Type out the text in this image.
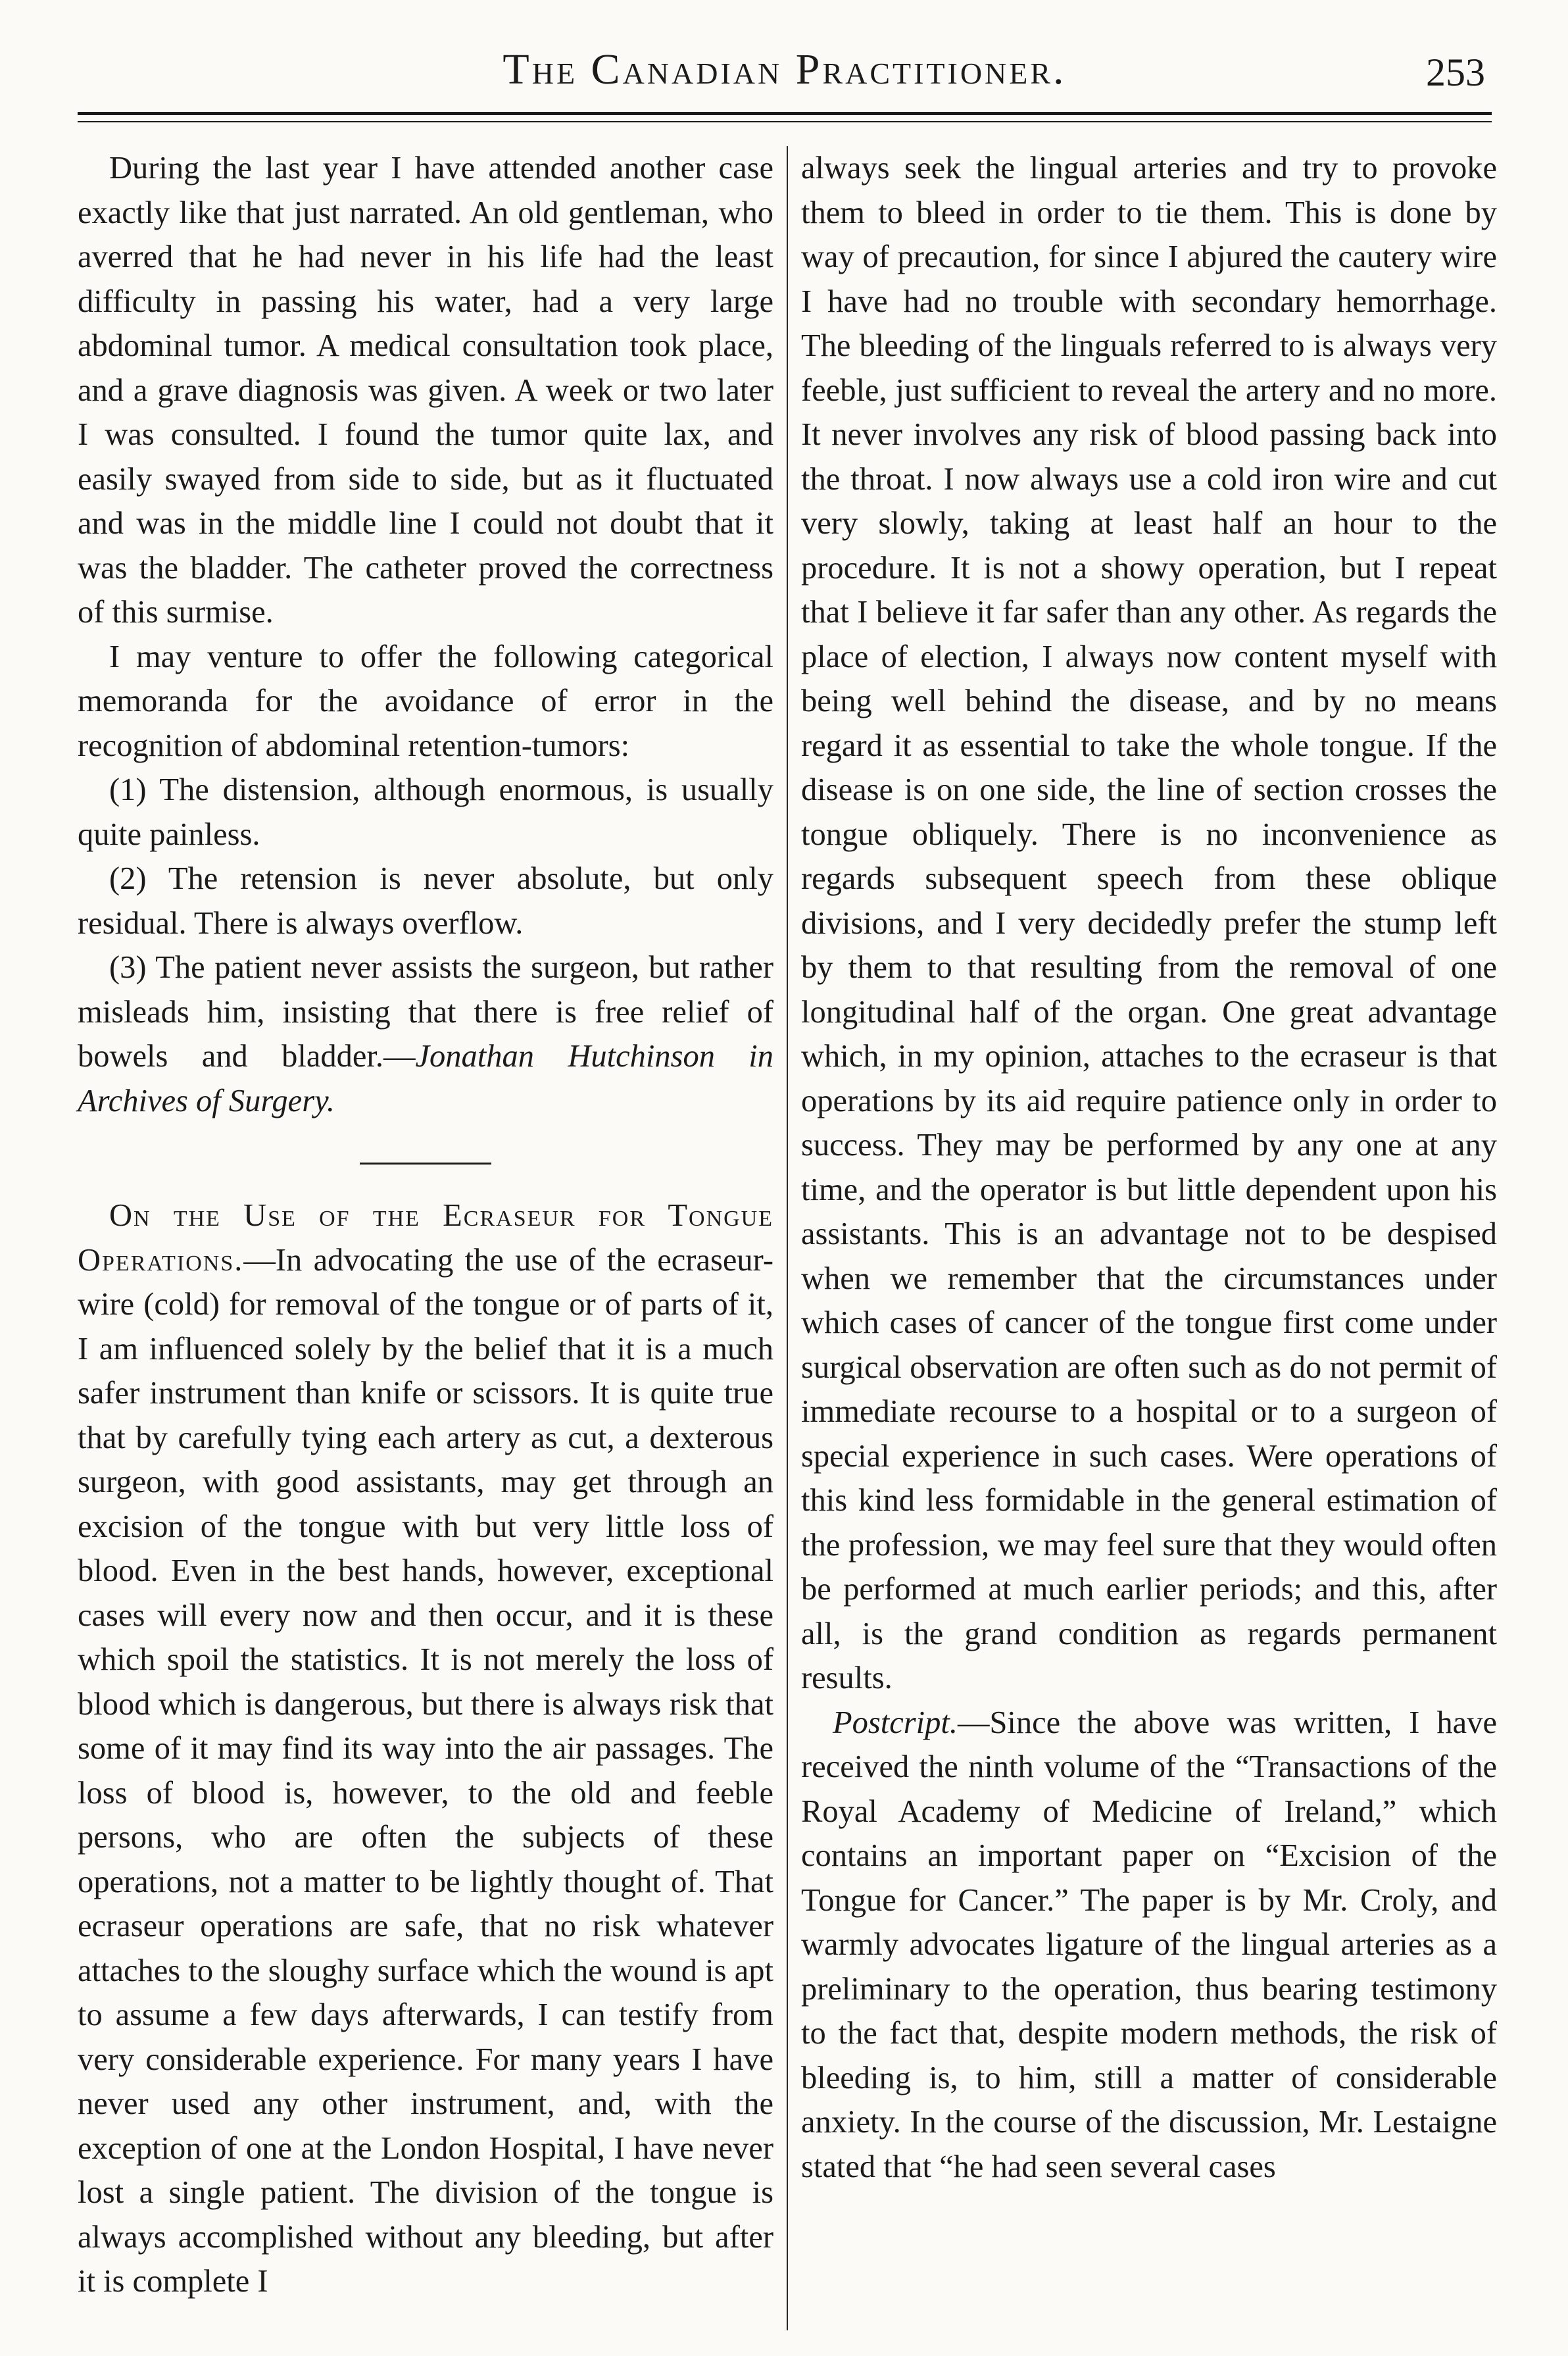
The Canadian Practitioner.	253

During the last year I have attended another case exactly like that just narrated. An old gentleman, who averred that he had never in his life had the least difficulty in passing his water, had a very large abdominal tumor. A medical consultation took place, and a grave diagnosis was given. A week or two later I was consulted. I found the tumor quite lax, and easily swayed from side to side, but as it fluctuated and was in the middle line I could not doubt that it was the bladder. The catheter proved the correctness of this surmise.

I may venture to offer the following categorical memoranda for the avoidance of error in the recognition of abdominal retention-tumors:

(1) The distension, although enormous, is usually quite painless.

(2) The retension is never absolute, but only residual. There is always overflow.

(3) The patient never assists the surgeon, but rather misleads him, insisting that there is free relief of bowels and bladder.—Jonathan Hutchinson in Archives of Surgery.

On the Use of the Ecraseur for Tongue Operations.—In advocating the use of the ecraseur-wire (cold) for removal of the tongue or of parts of it, I am influenced solely by the belief that it is a much safer instrument than knife or scissors. It is quite true that by carefully tying each artery as cut, a dexterous surgeon, with good assistants, may get through an excision of the tongue with but very little loss of blood. Even in the best hands, however, exceptional cases will every now and then occur, and it is these which spoil the statistics. It is not merely the loss of blood which is dangerous, but there is always risk that some of it may find its way into the air passages. The loss of blood is, however, to the old and feeble persons, who are often the subjects of these operations, not a matter to be lightly thought of. That ecraseur operations are safe, that no risk whatever attaches to the sloughy surface which the wound is apt to assume a few days afterwards, I can testify from very considerable experience. For many years I have never used any other instrument, and, with the exception of one at the London Hospital, I have never lost a single patient. The division of the tongue is always accomplished without any bleeding, but after it is complete I

always seek the lingual arteries and try to provoke them to bleed in order to tie them. This is done by way of precaution, for since I abjured the cautery wire I have had no trouble with secondary hemorrhage. The bleeding of the linguals referred to is always very feeble, just sufficient to reveal the artery and no more. It never involves any risk of blood passing back into the throat. I now always use a cold iron wire and cut very slowly, taking at least half an hour to the procedure. It is not a showy operation, but I repeat that I believe it far safer than any other. As regards the place of election, I always now content myself with being well behind the disease, and by no means regard it as essential to take the whole tongue. If the disease is on one side, the line of section crosses the tongue obliquely. There is no inconvenience as regards subsequent speech from these oblique divisions, and I very decidedly prefer the stump left by them to that resulting from the removal of one longitudinal half of the organ. One great advantage which, in my opinion, attaches to the ecraseur is that operations by its aid require patience only in order to success. They may be performed by any one at any time, and the operator is but little dependent upon his assistants. This is an advantage not to be despised when we remember that the circumstances under which cases of cancer of the tongue first come under surgical observation are often such as do not permit of immediate recourse to a hospital or to a surgeon of special experience in such cases. Were operations of this kind less formidable in the general estimation of the profession, we may feel sure that they would often be performed at much earlier periods; and this, after all, is the grand condition as regards permanent results.

Postcript.—Since the above was written, I have received the ninth volume of the “Transactions of the Royal Academy of Medicine of Ireland,” which contains an important paper on “Excision of the Tongue for Cancer.” The paper is by Mr. Croly, and warmly advocates ligature of the lingual arteries as a preliminary to the operation, thus bearing testimony to the fact that, despite modern methods, the risk of bleeding is, to him, still a matter of considerable anxiety. In the course of the discussion, Mr. Lestaigne stated that “he had seen several cases
